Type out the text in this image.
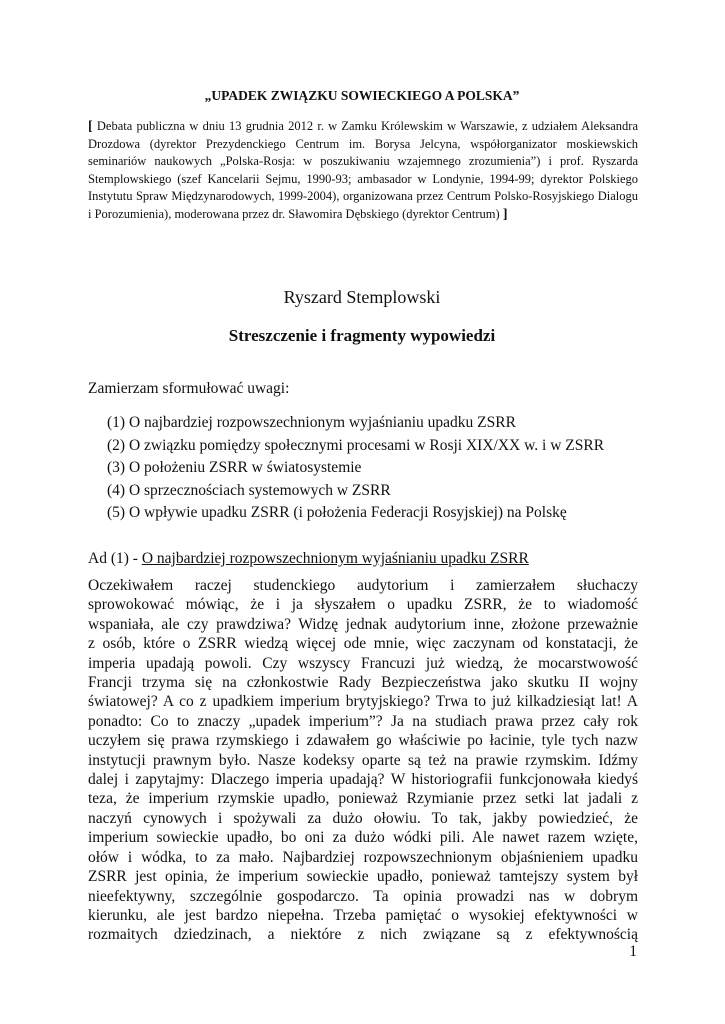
„UPADEK ZWIĄZKU SOWIECKIEGO A POLSKA”
[ Debata publiczna w dniu 13 grudnia 2012 r. w Zamku Królewskim w Warszawie, z udziałem Aleksandra Drozdowa (dyrektor Prezydenckiego Centrum im. Borysa Jelcyna, współorganizator moskiewskich seminariów naukowych „Polska-Rosja: w poszukiwaniu wzajemnego zrozumienia”) i prof. Ryszarda Stemplowskiego (szef Kancelarii Sejmu, 1990-93; ambasador w Londynie, 1994-99; dyrektor Polskiego Instytutu Spraw Międzynarodowych, 1999-2004), organizowana przez Centrum Polsko-Rosyjskiego Dialogu i Porozumienia), moderowana przez dr. Sławomira Dębskiego (dyrektor Centrum) ]
Ryszard Stemplowski
Streszczenie i fragmenty wypowiedzi
Zamierzam sformułować uwagi:
(1) O najbardziej rozpowszechnionym wyjaśnianiu upadku ZSRR
(2) O związku pomiędzy społecznymi procesami w Rosji XIX/XX w. i w ZSRR
(3) O położeniu ZSRR w światosystemie
(4) O sprzecznościach systemowych w ZSRR
(5) O wpływie upadku ZSRR (i położenia Federacji Rosyjskiej) na Polskę
Ad (1) - O najbardziej rozpowszechnionym wyjaśnianiu upadku ZSRR
Oczekiwałem raczej studenckiego audytorium i zamierzałem słuchaczy
sprowokować mówiąc, że i ja słyszałem o upadku ZSRR, że to wiadomość
wspaniała, ale czy prawdziwa? Widzę jednak audytorium inne, złożone przeważnie
z osób, które o ZSRR wiedzą więcej ode mnie, więc zaczynam od konstatacji, że
imperia upadają powoli. Czy wszyscy Francuzi już wiedzą, że mocarstwowość
Francji trzyma się na członkostwie Rady Bezpieczeństwa jako skutku II wojny
światowej? A co z upadkiem imperium brytyjskiego? Trwa to już kilkadziesiąt lat! A
ponadto: Co to znaczy „upadek imperium”? Ja na studiach prawa przez cały rok
uczyłem się prawa rzymskiego i zdawałem go właściwie po łacinie, tyle tych nazw
instytucji prawnym było. Nasze kodeksy oparte są też na prawie rzymskim. Idźmy
dalej i zapytajmy: Dlaczego imperia upadają? W historiografii funkcjonowała kiedyś
teza, że imperium rzymskie upadło, ponieważ Rzymianie przez setki lat jadali z
naczyń cynowych i spożywali za dużo ołowiu. To tak, jakby powiedzieć, że
imperium sowieckie upadło, bo oni za dużo wódki pili. Ale nawet razem wzięte,
ołów i wódka, to za mało. Najbardziej rozpowszechnionym objaśnieniem upadku
ZSRR jest opinia, że imperium sowieckie upadło, ponieważ tamtejszy system był
nieefektywny, szczególnie gospodarczo. Ta opinia prowadzi nas w dobrym
kierunku, ale jest bardzo niepełna. Trzeba pamiętać o wysokiej efektywności w
rozmaitych dziedzinach, a niektóre z nich związane są z efektywnością
1
